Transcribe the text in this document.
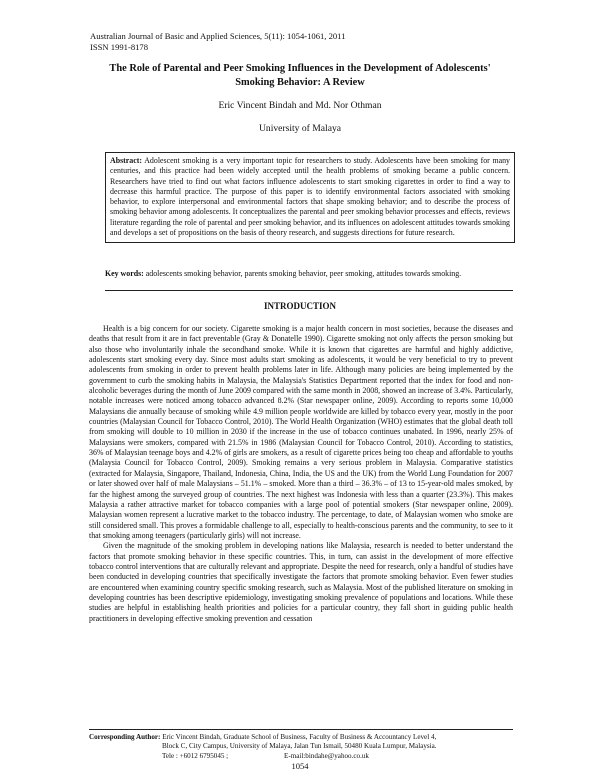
Australian Journal of Basic and Applied Sciences, 5(11): 1054-1061, 2011
ISSN 1991-8178
The Role of Parental and Peer Smoking Influences in the Development of Adolescents'
Smoking Behavior: A Review
Eric Vincent Bindah and Md. Nor Othman
University of Malaya
Abstract: Adolescent smoking is a very important topic for researchers to study. Adolescents have been smoking for many centuries, and this practice had been widely accepted until the health problems of smoking became a public concern. Researchers have tried to find out what factors influence adolescents to start smoking cigarettes in order to find a way to decrease this harmful practice. The purpose of this paper is to identify environmental factors associated with smoking behavior, to explore interpersonal and environmental factors that shape smoking behavior; and to describe the process of smoking behavior among adolescents. It conceptualizes the parental and peer smoking behavior processes and effects, reviews literature regarding the role of parental and peer smoking behavior, and its influences on adolescent attitudes towards smoking and develops a set of propositions on the basis of theory research, and suggests directions for future research.
Key words: adolescents smoking behavior, parents smoking behavior, peer smoking, attitudes towards smoking.
INTRODUCTION

Health is a big concern for our society. Cigarette smoking is a major health concern in most societies, because the diseases and deaths that result from it are in fact preventable (Gray & Donatelle 1990). Cigarette smoking not only affects the person smoking but also those who involuntarily inhale the secondhand smoke. While it is known that cigarettes are harmful and highly addictive, adolescents start smoking every day. Since most adults start smoking as adolescents, it would be very beneficial to try to prevent adolescents from smoking in order to prevent health problems later in life. Although many policies are being implemented by the government to curb the smoking habits in Malaysia, the Malaysia's Statistics Department reported that the index for food and non-alcoholic beverages during the month of June 2009 compared with the same month in 2008, showed an increase of 3.4%. Particularly, notable increases were noticed among tobacco advanced 8.2% (Star newspaper online, 2009). According to reports some 10,000 Malaysians die annually because of smoking while 4.9 million people worldwide are killed by tobacco every year, mostly in the poor countries (Malaysian Council for Tobacco Control, 2010). The World Health Organization (WHO) estimates that the global death toll from smoking will double to 10 million in 2030 if the increase in the use of tobacco continues unabated. In 1996, nearly 25% of Malaysians were smokers, compared with 21.5% in 1986 (Malaysian Council for Tobacco Control, 2010). According to statistics, 36% of Malaysian teenage boys and 4.2% of girls are smokers, as a result of cigarette prices being too cheap and affordable to youths (Malaysia Council for Tobacco Control, 2009). Smoking remains a very serious problem in Malaysia. Comparative statistics (extracted for Malaysia, Singapore, Thailand, Indonesia, China, India, the US and the UK) from the World Lung Foundation for 2007 or later showed over half of male Malaysians – 51.1% – smoked. More than a third – 36.3% – of 13 to 15-year-old males smoked, by far the highest among the surveyed group of countries. The next highest was Indonesia with less than a quarter (23.3%). This makes Malaysia a rather attractive market for tobacco companies with a large pool of potential smokers (Star newspaper online, 2009). Malaysian women represent a lucrative market to the tobacco industry. The percentage, to date, of Malaysian women who smoke are still considered small. This proves a formidable challenge to all, especially to health-conscious parents and the community, to see to it that smoking among teenagers (particularly girls) will not increase.

Given the magnitude of the smoking problem in developing nations like Malaysia, research is needed to better understand the factors that promote smoking behavior in these specific countries. This, in turn, can assist in the development of more effective tobacco control interventions that are culturally relevant and appropriate. Despite the need for research, only a handful of studies have been conducted in developing countries that specifically investigate the factors that promote smoking behavior. Even fewer studies are encountered when examining country specific smoking research, such as Malaysia. Most of the published literature on smoking in developing countries has been descriptive epidemiology, investigating smoking prevalence of populations and locations. While these studies are helpful in establishing health priorities and policies for a particular country, they fall short in guiding public health practitioners in developing effective smoking prevention and cessation

Corresponding Author: Eric Vincent Bindah, Graduate School of Business, Faculty of Business & Accountancy Level 4,
Block C, City Campus, University of Malaya, Jalan Tun Ismail, 50480 Kuala Lumpur, Malaysia.
Tele : +6012 6795045 ;	E-mail:bindahe@yahoo.co.uk
1054
